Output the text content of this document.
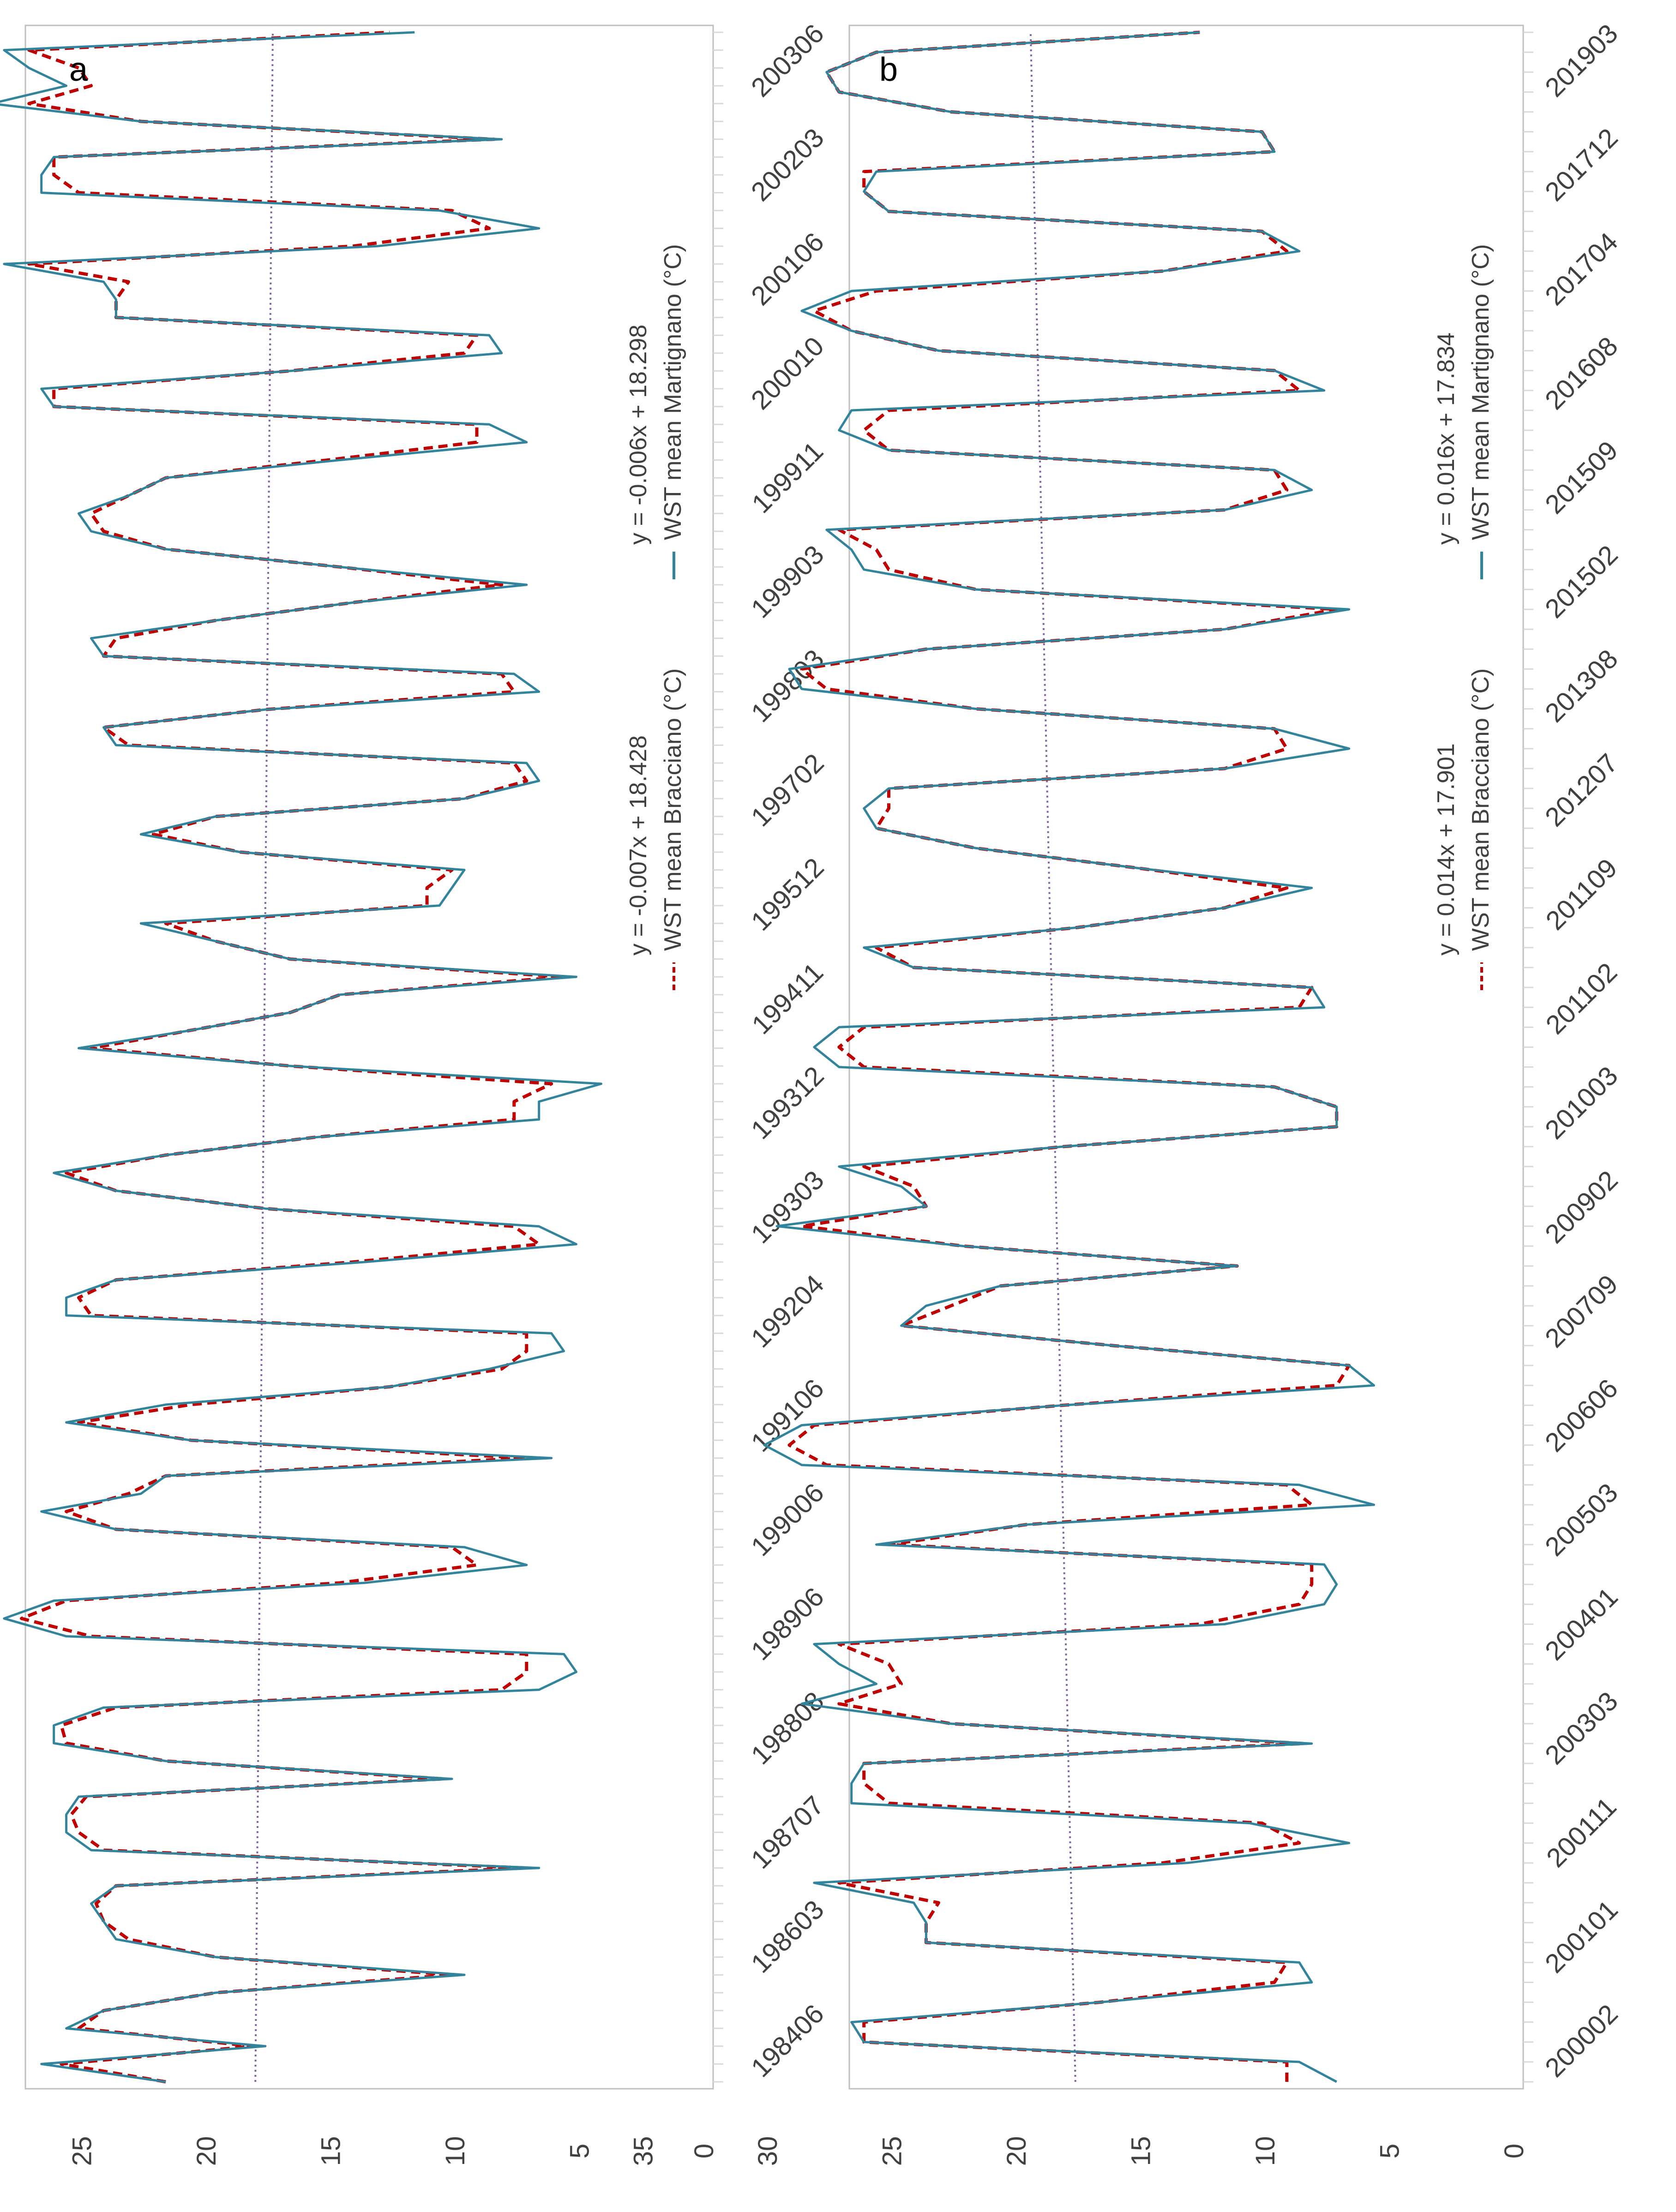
0
5
10
15
20
25
198406
198603
198707
198808
198906
199006
199106
199204
199303
199312
199411
199512
199702
199803
199903
199911
200010
200106
200203
200306
a
y = -0.007x + 18.428 WST mean Bracciano (°C)
y = -0.006x + 18.298 WST mean Martignano (°C)
0
5
10
15
20
25
30
35
200002
200101
200111
200303
200401
200503
200606
200709
200902
201003
201102
201109
201207
201308
201502
201509
201608
201704
201712
201903
b
y = 0.014x + 17.901 WST mean Bracciano (°C)
y = 0.016x + 17.834 WST mean Martignano (°C)
